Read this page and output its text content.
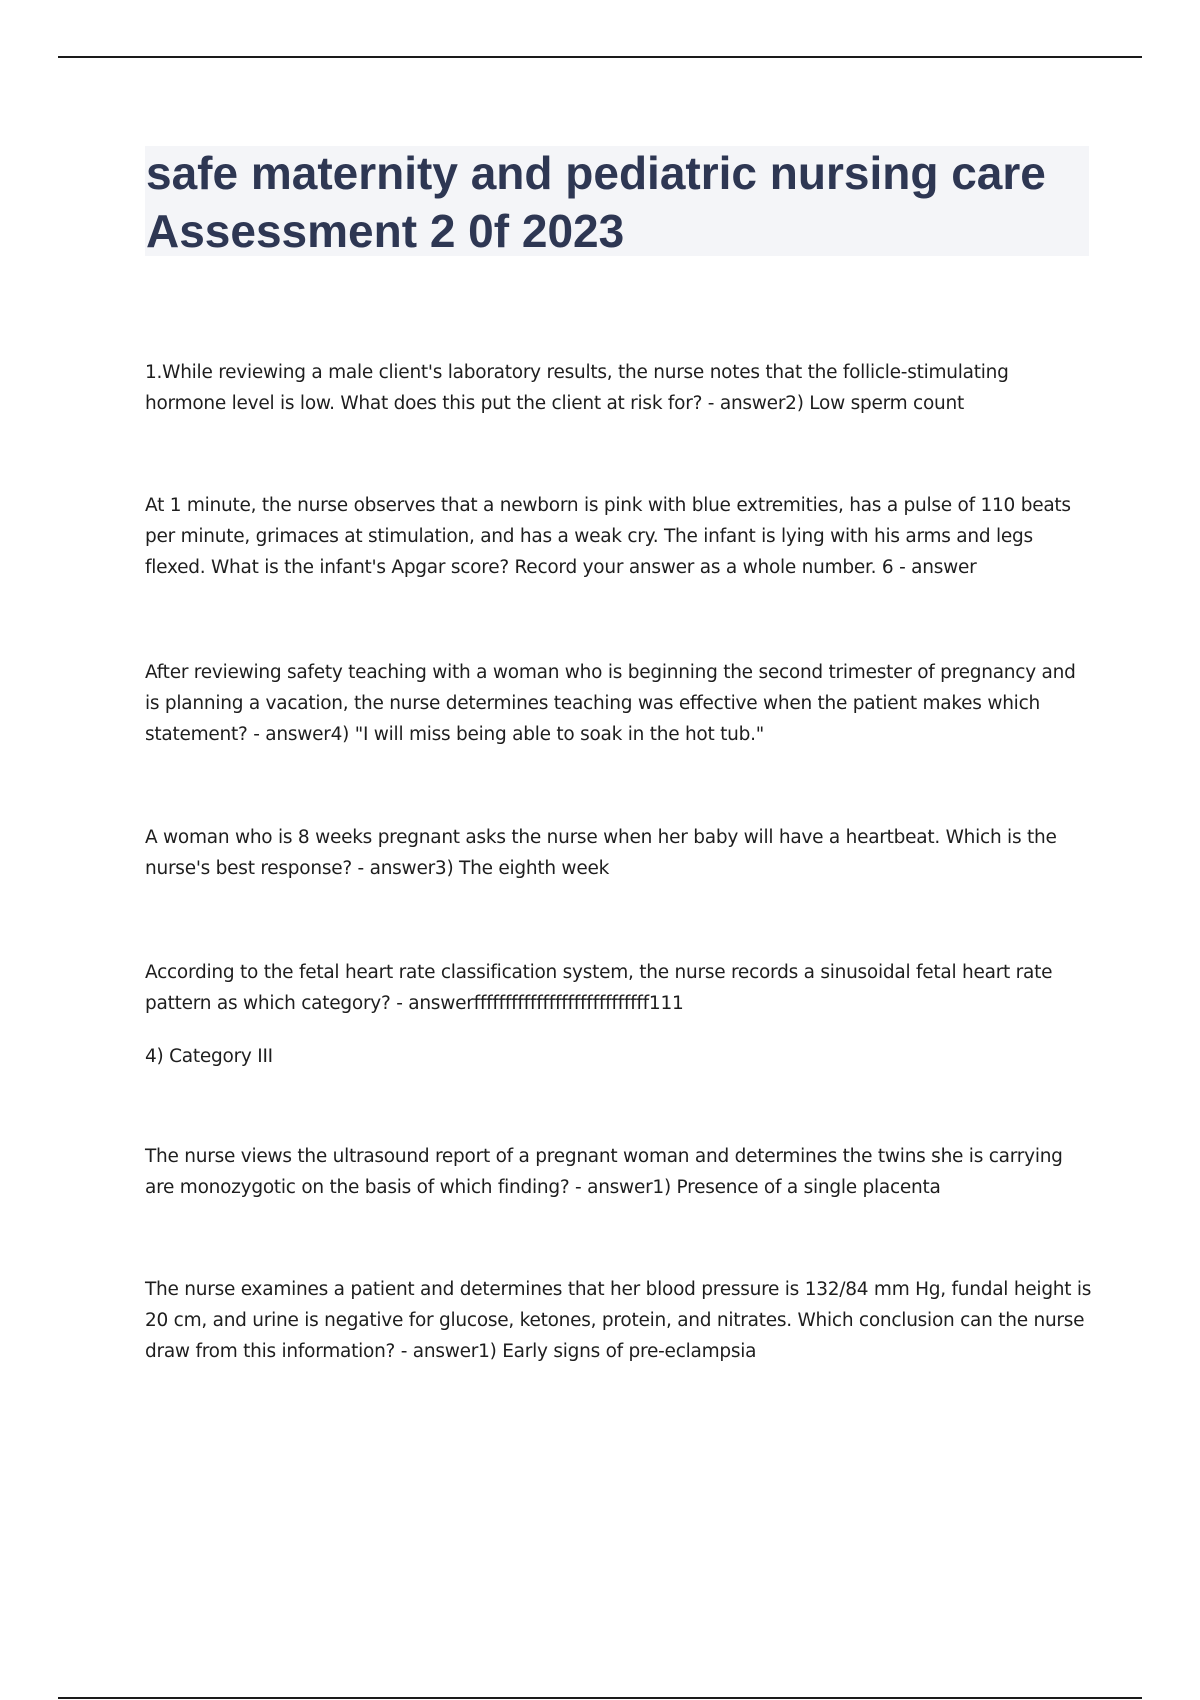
safe maternity and pediatric nursing care Assessment 2 0f 2023

1.While reviewing a male client's laboratory results, the nurse notes that the follicle-stimulating hormone level is low. What does this put the client at risk for? - answer2) Low sperm count

At 1 minute, the nurse observes that a newborn is pink with blue extremities, has a pulse of 110 beats per minute, grimaces at stimulation, and has a weak cry. The infant is lying with his arms and legs flexed. What is the infant's Apgar score? Record your answer as a whole number. 6 - answer

After reviewing safety teaching with a woman who is beginning the second trimester of pregnancy and is planning a vacation, the nurse determines teaching was effective when the patient makes which statement? - answer4) "I will miss being able to soak in the hot tub."

A woman who is 8 weeks pregnant asks the nurse when her baby will have a heartbeat. Which is the nurse's best response? - answer3) The eighth week

According to the fetal heart rate classification system, the nurse records a sinusoidal fetal heart rate pattern as which category? - answerffffffffffffffffffffffffffff111
4) Category III

The nurse views the ultrasound report of a pregnant woman and determines the twins she is carrying are monozygotic on the basis of which finding? - answer1) Presence of a single placenta

The nurse examines a patient and determines that her blood pressure is 132/84 mm Hg, fundal height is 20 cm, and urine is negative for glucose, ketones, protein, and nitrates. Which conclusion can the nurse draw from this information? - answer1) Early signs of pre-eclampsia
